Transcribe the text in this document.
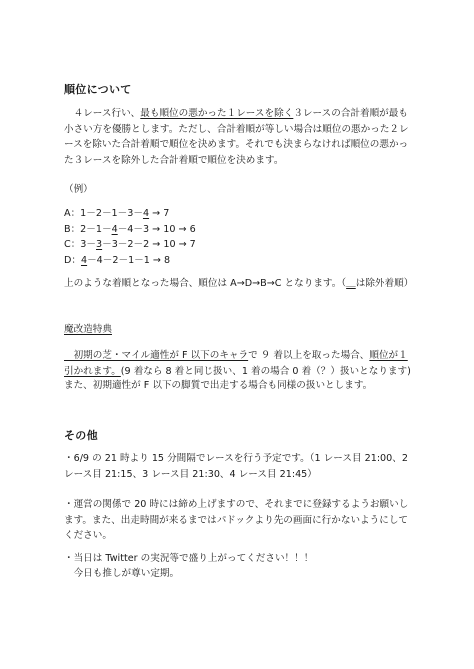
順位について

　４レース行い、最も順位の悪かった１レースを除く３レースの合計着順が最も小さい方を優勝とします。ただし、合計着順が等しい場合は順位の悪かった２レースを除いた合計着順で順位を決めます。それでも決まらなければ順位の悪かった３レースを除外した合計着順で順位を決めます。

（例）

A：1－2－1－3－4 → 7

B：2－1－4－4－3 → 10 → 6

C：3－3－3－2－2 → 10 → 7

D：4－4－2－1－1 → 8

上のような着順となった場合、順位は A→D→B→C となります。（＿は除外着順）

魔改造特典

　初期の芝・マイル適性が F 以下のキャラで ９ 着以上を取った場合、順位が１引かれます。(9 着なら 8 着と同じ扱い、1 着の場合 0 着（？）扱いとなります)

また、初期適性が F 以下の脚質で出走する場合も同様の扱いとします。

その他

・6/9 の 21 時より 15 分間隔でレースを行う予定です。（1 レース目 21:00、2 レース目 21:15、3 レース目 21:30、4 レース目 21:45）

・運営の関係で 20 時には締め上げますので、それまでに登録するようお願いします。また、出走時間が来るまではパドックより先の画面に行かないようにしてください。

・当日は Twitter の実況等で盛り上がってください！！！

　今日も推しが尊い定期。
